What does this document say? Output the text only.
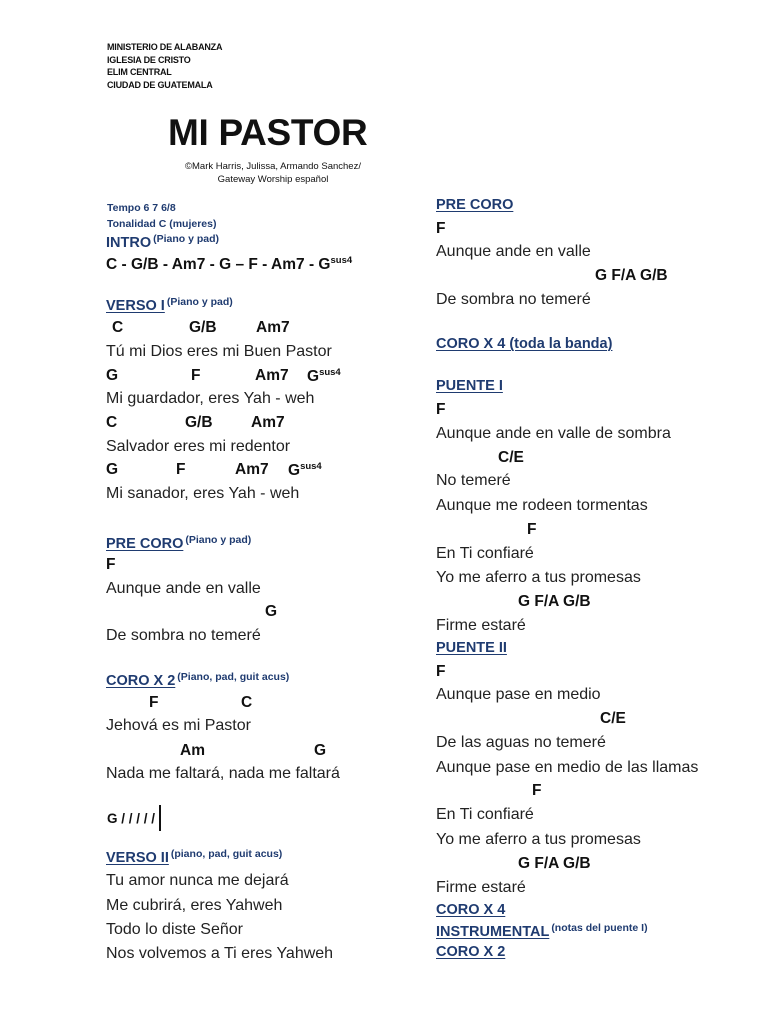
MINISTERIO DE ALABANZA
IGLESIA DE CRISTO
ELIM CENTRAL
CIUDAD DE GUATEMALA
MI PASTOR
©Mark Harris, Julissa, Armando Sanchez/
Gateway Worship español
Tempo 6 7 6/8
Tonalidad C (mujeres)
INTRO $^{(Piano y pad)}$
C - G/B - Am7 - G – F - $Am7 - G^{sus4}$
VERSO I $^{(Piano y pad)}$
C	G/B	Am7
Tú mi Dios eres mi Buen Pastor
G	F	Am7 $G^{sus4}$
Mi guardador, eres Yah - weh
C	G/B Am7
Salvador eres mi redentor
G	F	Am7 $G^{sus4}$
Mi sanador, eres Yah - weh
PRE CORO $^{(Piano y pad)}$
F
Aunque ande en valle
G
De sombra no temeré
CORO X 2 $^{(Piano, pad, guit acus)}$
F	C
Jehová es mi Pastor
Am	G
Nada me faltará, nada me faltará
G / / / / /
VERSO II $^{(piano, pad, guit acus)}$
Tu amor nunca me dejará
Me cubrirá, eres Yahweh
Todo lo diste Señor
Nos volvemos a Ti eres Yahweh
PRE CORO
F
Aunque ande en valle
G F/A G/B
De sombra no temeré
CORO X 4 (toda la banda)
PUENTE I
F
Aunque ande en valle de sombra
C/E
No temeré
Aunque me rodeen tormentas
F
En Ti confiaré
Yo me aferro a tus promesas
G F/A G/B
Firme estaré
PUENTE II
F
Aunque pase en medio
C/E
De las aguas no temeré
Aunque pase en medio de las llamas
F
En Ti confiaré
Yo me aferro a tus promesas
G F/A G/B
Firme estaré
CORO X 4
INSTRUMENTAL $^{(notas del puente I)}$
CORO X 2
